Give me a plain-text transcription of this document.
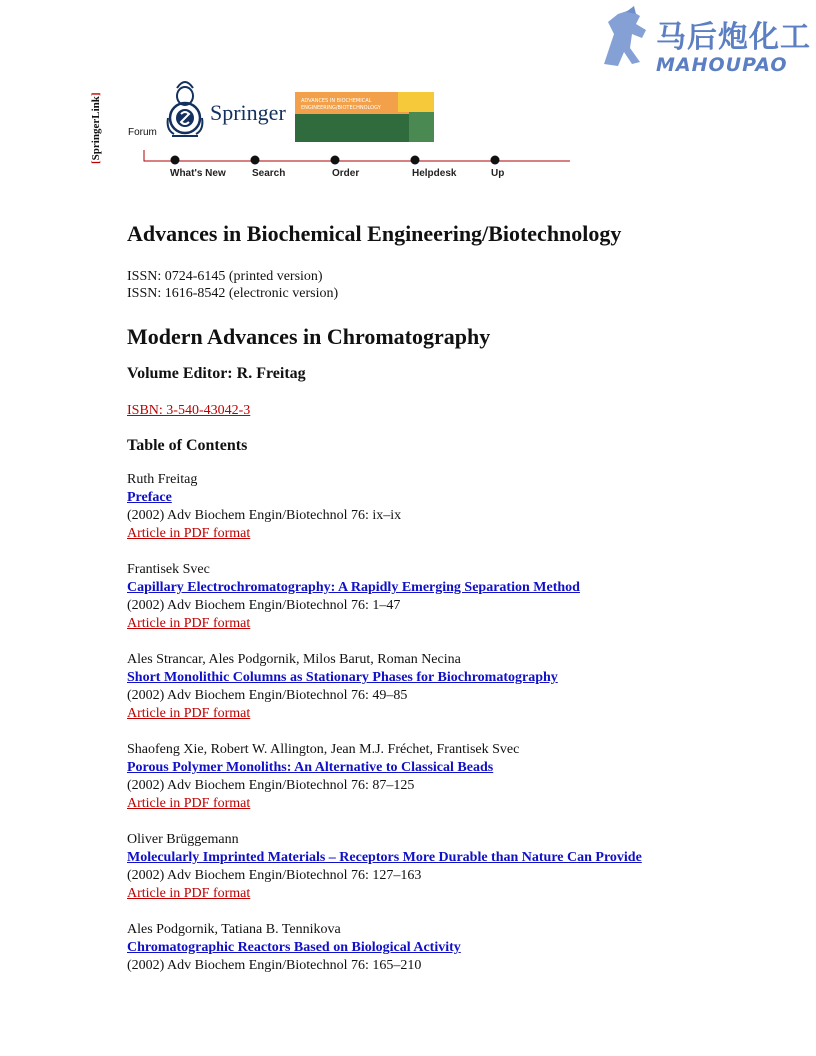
马后炮化工
MAHOUPAO
[SpringerLink]
Springer
Forum
ADVANCES IN BIOCHEMICAL
ENGINEERING/BIOTECHNOLOGY
What's New	Search	Order	Helpdesk	Up
Advances in Biochemical Engineering/Biotechnology
ISSN: 0724-6145 (printed version)
ISSN: 1616-8542 (electronic version)
Modern Advances in Chromatography
Volume Editor: R. Freitag
ISBN: 3-540-43042-3
Table of Contents
Ruth Freitag
Preface
(2002) Adv Biochem Engin/Biotechnol 76: ix–ix
Article in PDF format
Frantisek Svec
Capillary Electrochromatography: A Rapidly Emerging Separation Method
(2002) Adv Biochem Engin/Biotechnol 76: 1–47
Article in PDF format
Ales Strancar, Ales Podgornik, Milos Barut, Roman Necina
Short Monolithic Columns as Stationary Phases for Biochromatography
(2002) Adv Biochem Engin/Biotechnol 76: 49–85
Article in PDF format
Shaofeng Xie, Robert W. Allington, Jean M.J. Fréchet, Frantisek Svec
Porous Polymer Monoliths: An Alternative to Classical Beads
(2002) Adv Biochem Engin/Biotechnol 76: 87–125
Article in PDF format
Oliver Brüggemann
Molecularly Imprinted Materials – Receptors More Durable than Nature Can Provide
(2002) Adv Biochem Engin/Biotechnol 76: 127–163
Article in PDF format
Ales Podgornik, Tatiana B. Tennikova
Chromatographic Reactors Based on Biological Activity
(2002) Adv Biochem Engin/Biotechnol 76: 165–210
